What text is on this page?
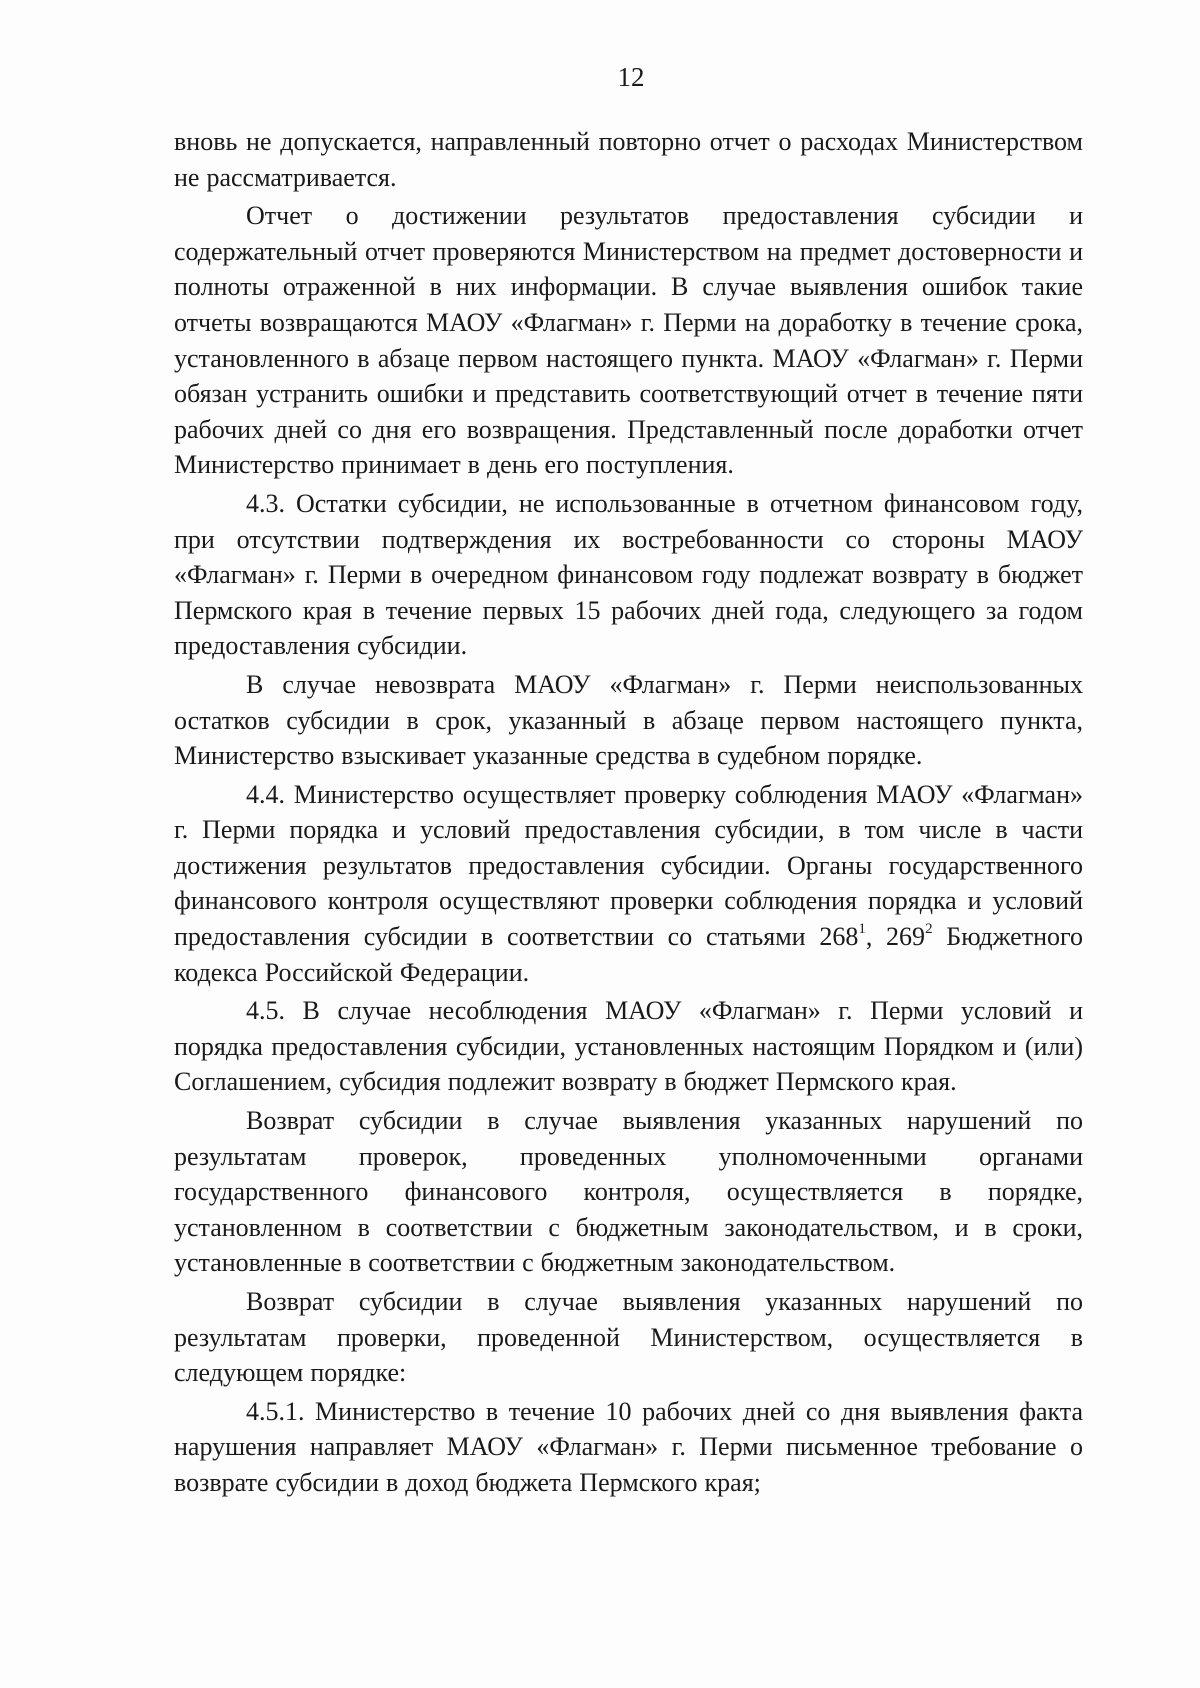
12

вновь не допускается, направленный повторно отчет о расходах Министерством не рассматривается.

Отчет о достижении результатов предоставления субсидии и содержательный отчет проверяются Министерством на предмет достоверности и полноты отраженной в них информации. В случае выявления ошибок такие отчеты возвращаются МАОУ «Флагман» г. Перми на доработку в течение срока, установленного в абзаце первом настоящего пункта. МАОУ «Флагман» г. Перми обязан устранить ошибки и представить соответствующий отчет в течение пяти рабочих дней со дня его возвращения. Представленный после доработки отчет Министерство принимает в день его поступления.

4.3. Остатки субсидии, не использованные в отчетном финансовом году, при отсутствии подтверждения их востребованности со стороны МАОУ «Флагман» г. Перми в очередном финансовом году подлежат возврату в бюджет Пермского края в течение первых 15 рабочих дней года, следующего за годом предоставления субсидии.

В случае невозврата МАОУ «Флагман» г. Перми неиспользованных остатков субсидии в срок, указанный в абзаце первом настоящего пункта, Министерство взыскивает указанные средства в судебном порядке.

4.4. Министерство осуществляет проверку соблюдения МАОУ «Флагман» г. Перми порядка и условий предоставления субсидии, в том числе в части достижения результатов предоставления субсидии. Органы государственного финансового контроля осуществляют проверки соблюдения порядка и условий предоставления субсидии в соответствии со статьями $268^1$, $269^2$ Бюджетного кодекса Российской Федерации.

4.5. В случае несоблюдения МАОУ «Флагман» г. Перми условий и порядка предоставления субсидии, установленных настоящим Порядком и (или) Соглашением, субсидия подлежит возврату в бюджет Пермского края.

Возврат субсидии в случае выявления указанных нарушений по результатам проверок, проведенных уполномоченными органами государственного финансового контроля, осуществляется в порядке, установленном в соответствии с бюджетным законодательством, и в сроки, установленные в соответствии с бюджетным законодательством.

Возврат субсидии в случае выявления указанных нарушений по результатам проверки, проведенной Министерством, осуществляется в следующем порядке:

4.5.1. Министерство в течение 10 рабочих дней со дня выявления факта нарушения направляет МАОУ «Флагман» г. Перми письменное требование о возврате субсидии в доход бюджета Пермского края;
